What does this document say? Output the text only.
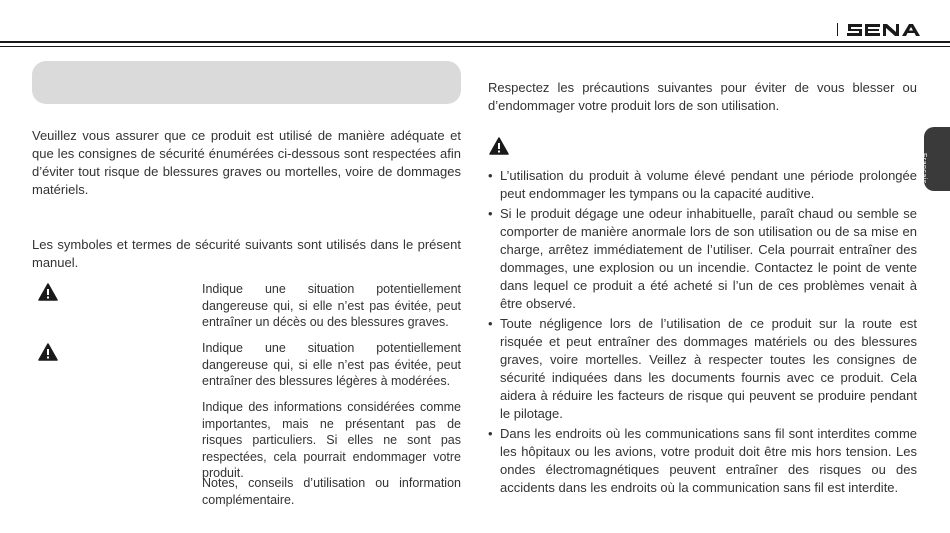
Veuillez vous assurer que ce produit est utilisé de manière adéquate et que les consignes de sécurité énumérées ci-dessous sont respectées afin d’éviter tout risque de blessures graves ou mortelles, voire de dommages matériels.

Les symboles et termes de sécurité suivants sont utilisés dans le présent manuel.

Indique une situation potentiellement dangereuse qui, si elle n’est pas évitée, peut entraîner un décès ou des blessures graves.

Indique une situation potentiellement dangereuse qui, si elle n’est pas évitée, peut entraîner des blessures légères à modérées.

Indique des informations considérées comme importantes, mais ne présentant pas de risques particuliers. Si elles ne sont pas respectées, cela pourrait endommager votre produit.

Notes, conseils d’utilisation ou information complémentaire.

Respectez les précautions suivantes pour éviter de vous blesser ou d’endommager votre produit lors de son utilisation.

• L’utilisation du produit à volume élevé pendant une période prolongée peut endommager les tympans ou la capacité auditive.
• Si le produit dégage une odeur inhabituelle, paraît chaud ou semble se comporter de manière anormale lors de son utilisation ou de sa mise en charge, arrêtez immédiatement de l’utiliser. Cela pourrait entraîner des dommages, une explosion ou un incendie. Contactez le point de vente dans lequel ce produit a été acheté si l’un de ces problèmes venait à être observé.
• Toute négligence lors de l’utilisation de ce produit sur la route est risquée et peut entraîner des dommages matériels ou des blessures graves, voire mortelles. Veillez à respecter toutes les consignes de sécurité indiquées dans les documents fournis avec ce produit. Cela aidera à réduire les facteurs de risque qui peuvent se produire pendant le pilotage.
• Dans les endroits où les communications sans fil sont interdites comme les hôpitaux ou les avions, votre produit doit être mis hors tension. Les ondes électromagnétiques peuvent entraîner des risques ou des accidents dans les endroits où la communication sans fil est interdite.
Français
